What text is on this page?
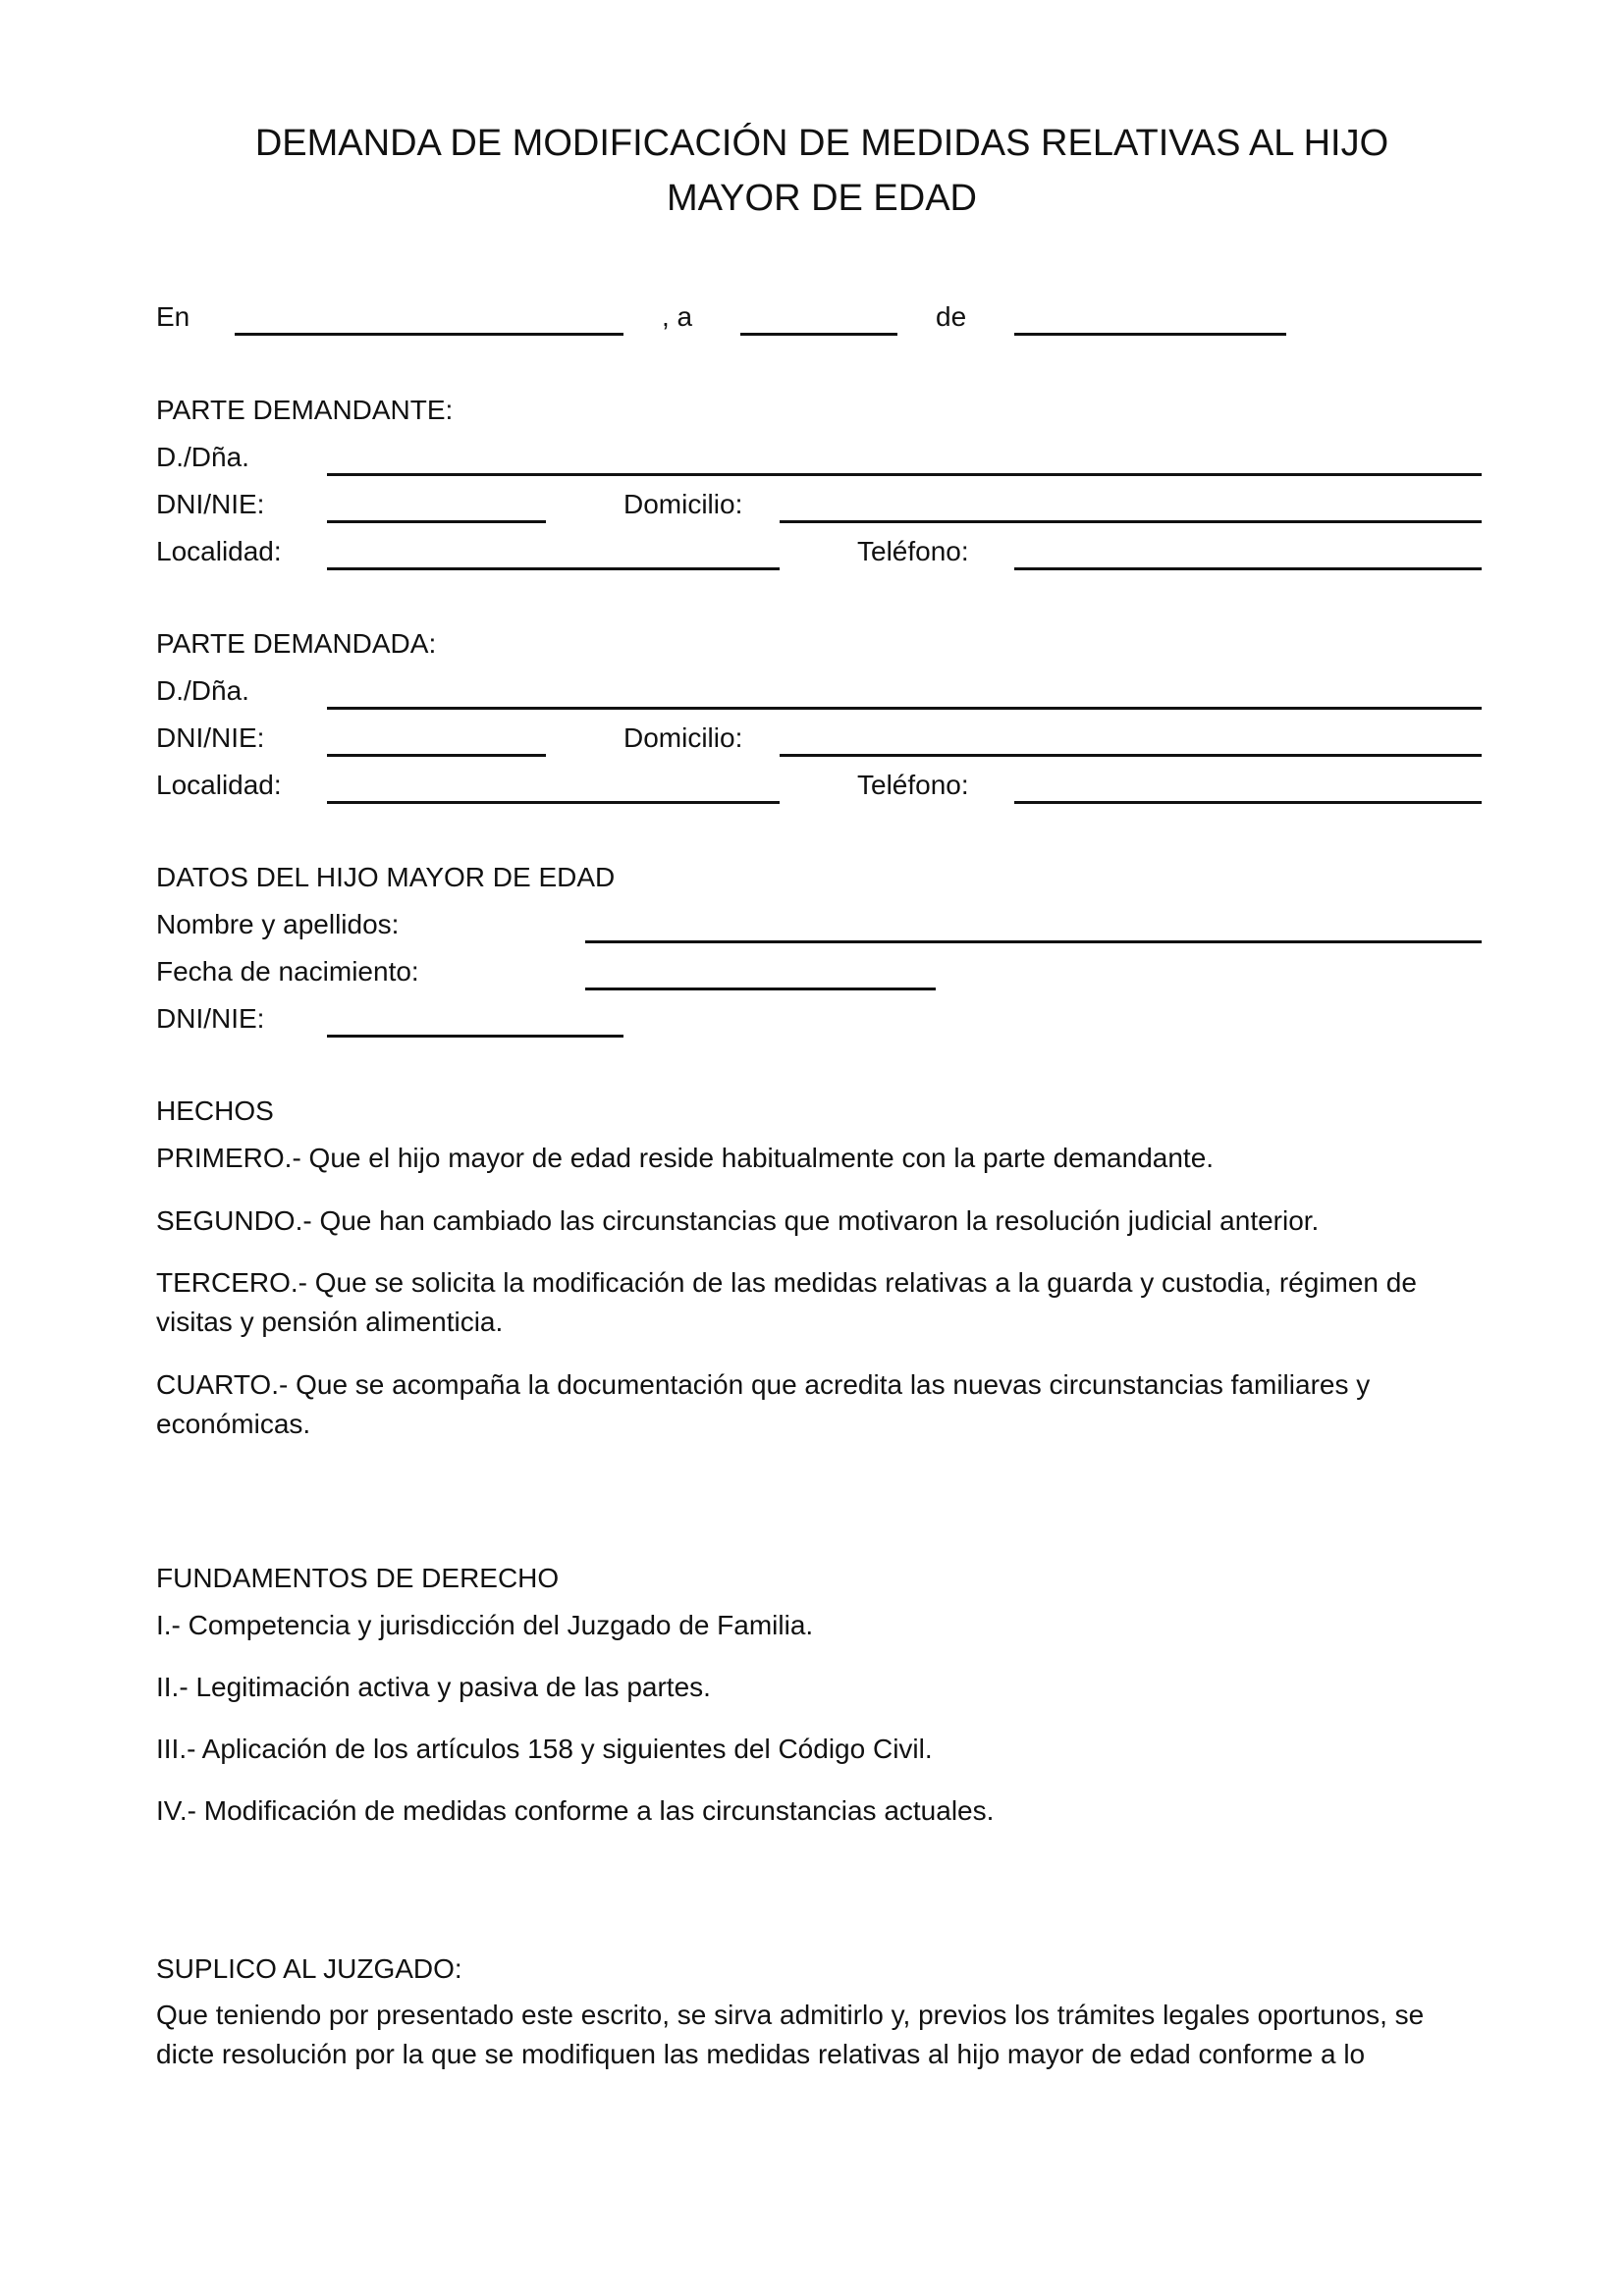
DEMANDA DE MODIFICACIÓN DE MEDIDAS RELATIVAS AL HIJO
MAYOR DE EDAD
En	, a	de
PARTE DEMANDANTE:
D./Dña.
DNI/NIE:	Domicilio:
Localidad:	Teléfono:
PARTE DEMANDADA:
D./Dña.
DNI/NIE:	Domicilio:
Localidad:	Teléfono:
DATOS DEL HIJO MAYOR DE EDAD
Nombre y apellidos:
Fecha de nacimiento:
DNI/NIE:
HECHOS
PRIMERO.- Que el hijo mayor de edad reside habitualmente con la parte demandante.
SEGUNDO.- Que han cambiado las circunstancias que motivaron la resolución judicial anterior.
TERCERO.- Que se solicita la modificación de las medidas relativas a la guarda y custodia, régimen de visitas y pensión alimenticia.
CUARTO.- Que se acompaña la documentación que acredita las nuevas circunstancias familiares y económicas.
FUNDAMENTOS DE DERECHO
I.- Competencia y jurisdicción del Juzgado de Familia.
II.- Legitimación activa y pasiva de las partes.
III.- Aplicación de los artículos 158 y siguientes del Código Civil.
IV.- Modificación de medidas conforme a las circunstancias actuales.
SUPLICO AL JUZGADO:
Que teniendo por presentado este escrito, se sirva admitirlo y, previos los trámites legales oportunos, se dicte resolución por la que se modifiquen las medidas relativas al hijo mayor de edad conforme a lo
